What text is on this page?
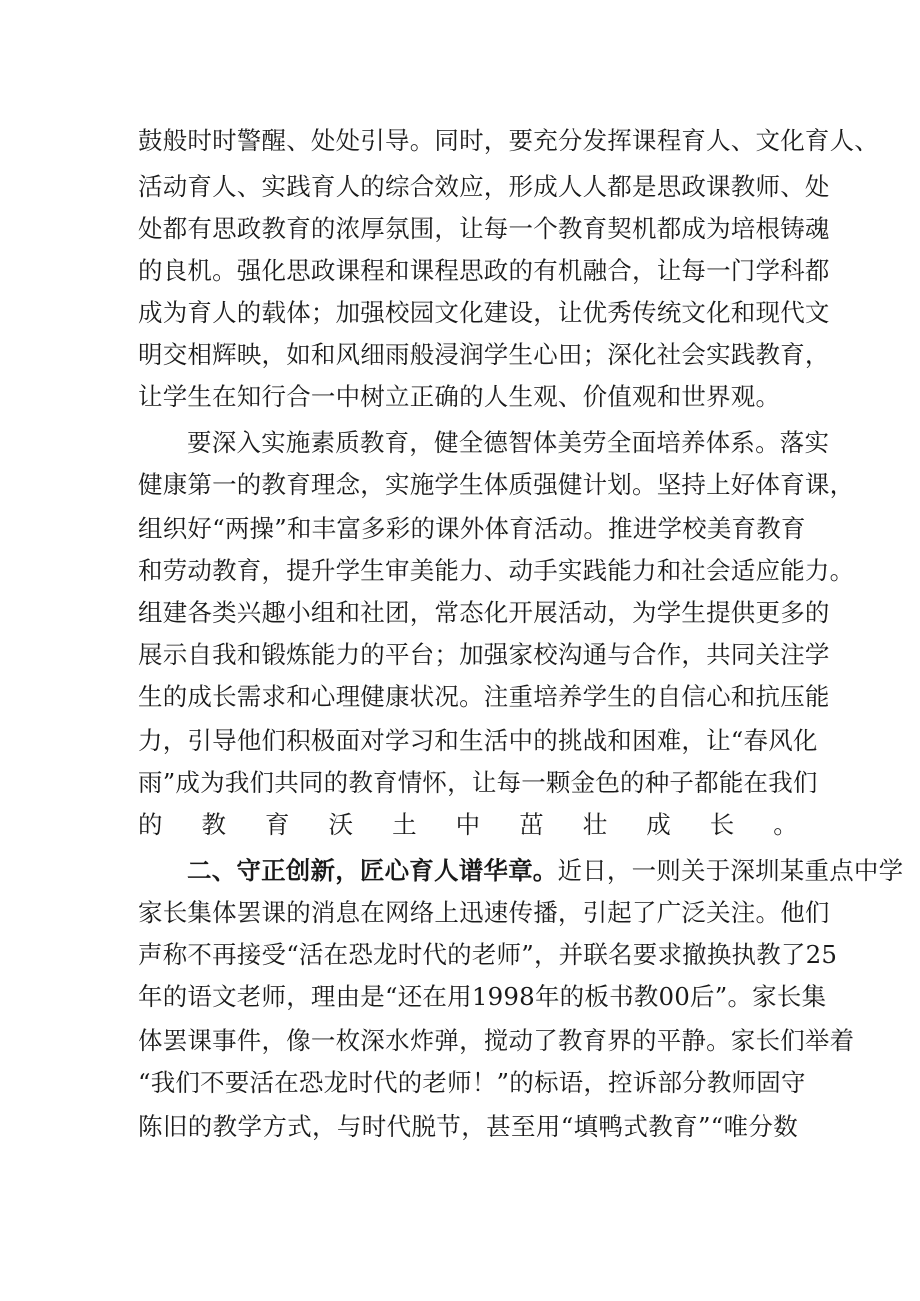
鼓般时时警醒、处处引导。同时，要充分发挥课程育人、文化育人、
活动育人、实践育人的综合效应，形成人人都是思政课教师、处
处都有思政教育的浓厚氛围，让每一个教育契机都成为培根铸魂
的良机。强化思政课程和课程思政的有机融合，让每一门学科都
成为育人的载体；加强校园文化建设，让优秀传统文化和现代文
明交相辉映，如和风细雨般浸润学生心田；深化社会实践教育，
让学生在知行合一中树立正确的人生观、价值观和世界观。
要深入实施素质教育，健全德智体美劳全面培养体系。落实
健康第一的教育理念，实施学生体质强健计划。坚持上好体育课，
组织好“两操”和丰富多彩的课外体育活动。推进学校美育教育
和劳动教育，提升学生审美能力、动手实践能力和社会适应能力。
组建各类兴趣小组和社团，常态化开展活动，为学生提供更多的
展示自我和锻炼能力的平台；加强家校沟通与合作，共同关注学
生的成长需求和心理健康状况。注重培养学生的自信心和抗压能
力，引导他们积极面对学习和生活中的挑战和困难，让“春风化
雨”成为我们共同的教育情怀，让每一颗金色的种子都能在我们
的教育沃土中茁壮成长。
二、守正创新，匠心育人谱华章。近日，一则关于深圳某重点中学
家长集体罢课的消息在网络上迅速传播，引起了广泛关注。他们
声称不再接受“活在恐龙时代的老师”，并联名要求撤换执教了25
年的语文老师，理由是“还在用1998年的板书教00后”。家长集
体罢课事件，像一枚深水炸弹，搅动了教育界的平静。家长们举着
“我们不要活在恐龙时代的老师！”的标语，控诉部分教师固守
陈旧的教学方式，与时代脱节，甚至用“填鸭式教育”“唯分数
